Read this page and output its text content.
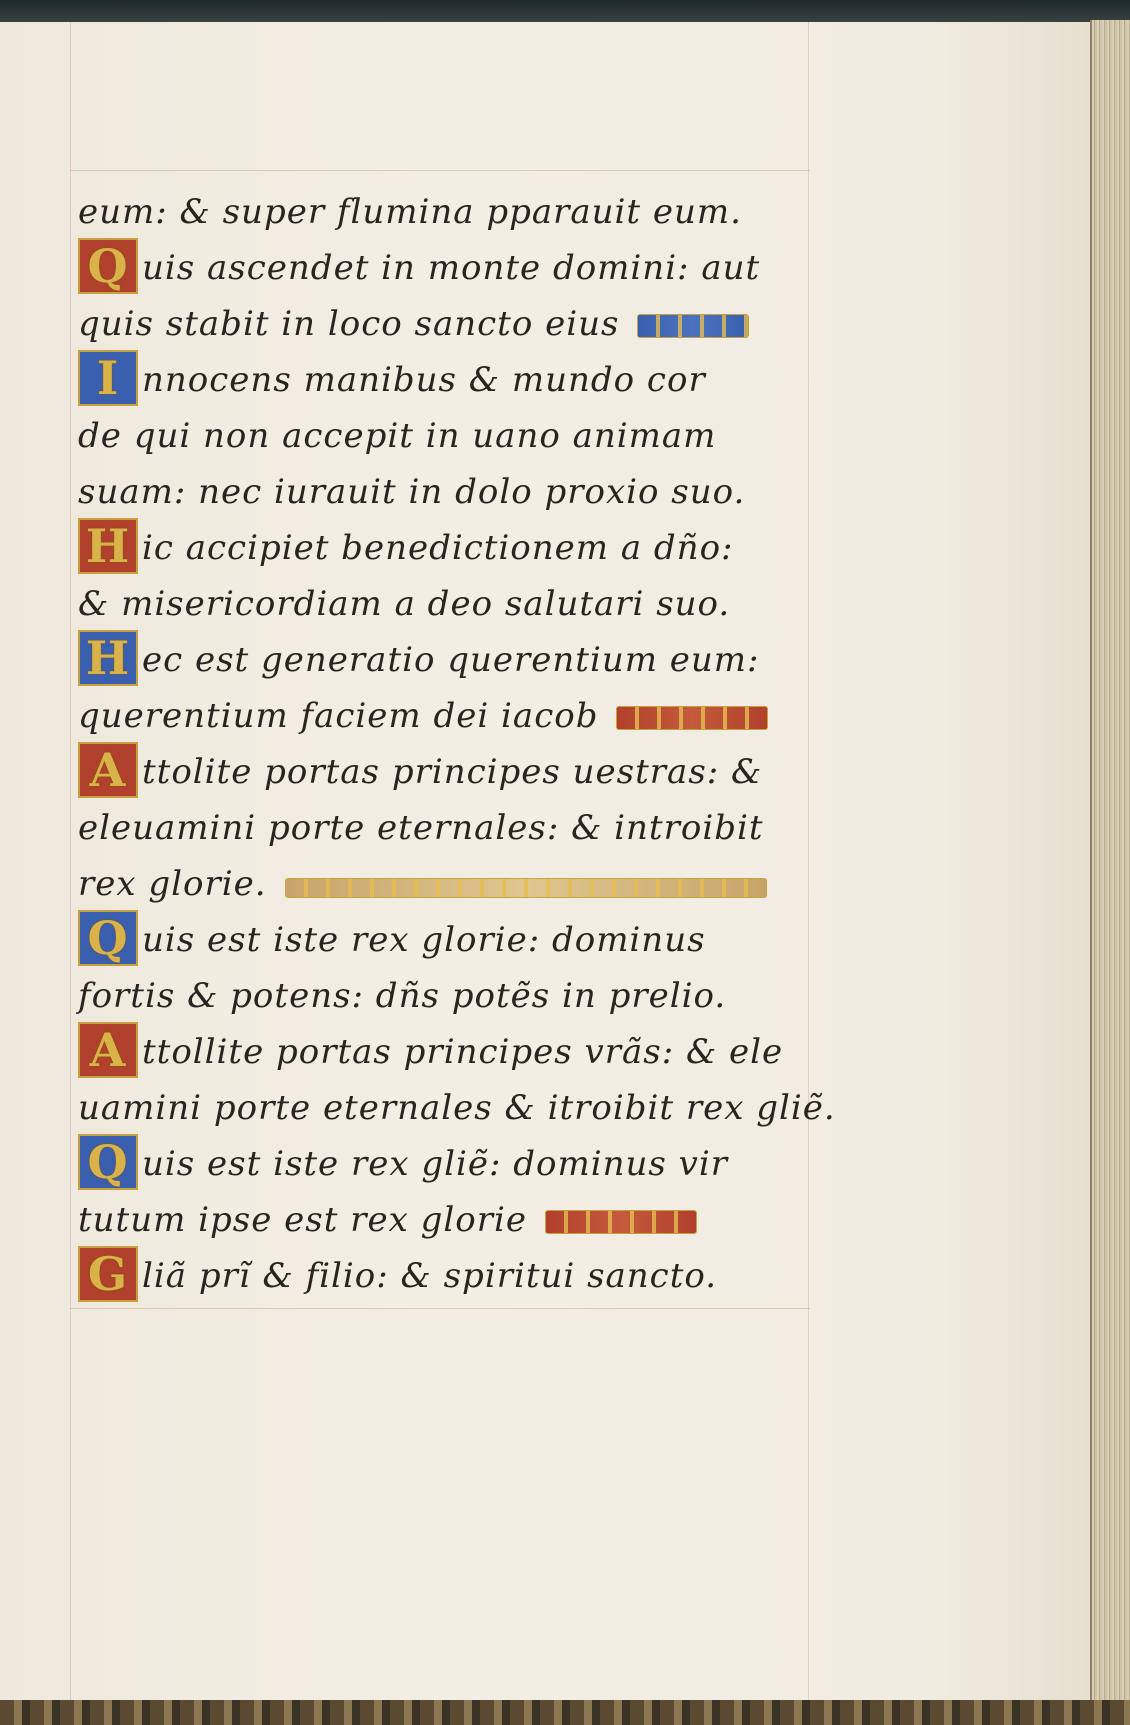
eum: & super flumina pparauit eum.
Q uis ascendet in monte domini: aut
quis stabit in loco sancto eius
I nnocens manibus & mundo cor
de qui non accepit in uano animam
suam: nec iurauit in dolo proxio suo.
H ic accipiet benedictionem a dño:
& misericordiam a deo salutari suo.
H ec est generatio querentium eum:
querentium faciem dei iacob
A ttolite portas principes uestras: &
eleuamini porte eternales: & introibit
rex glorie.
Q uis est iste rex glorie: dominus
fortis & potens: dñs potẽs in prelio.
A ttollite portas principes vrãs: & ele
uamini porte eternales & itroibit rex gliẽ.
Q uis est iste rex gliẽ: dominus vir
tutum ipse est rex glorie
G liã prĩ & filio: & spiritui sancto.
